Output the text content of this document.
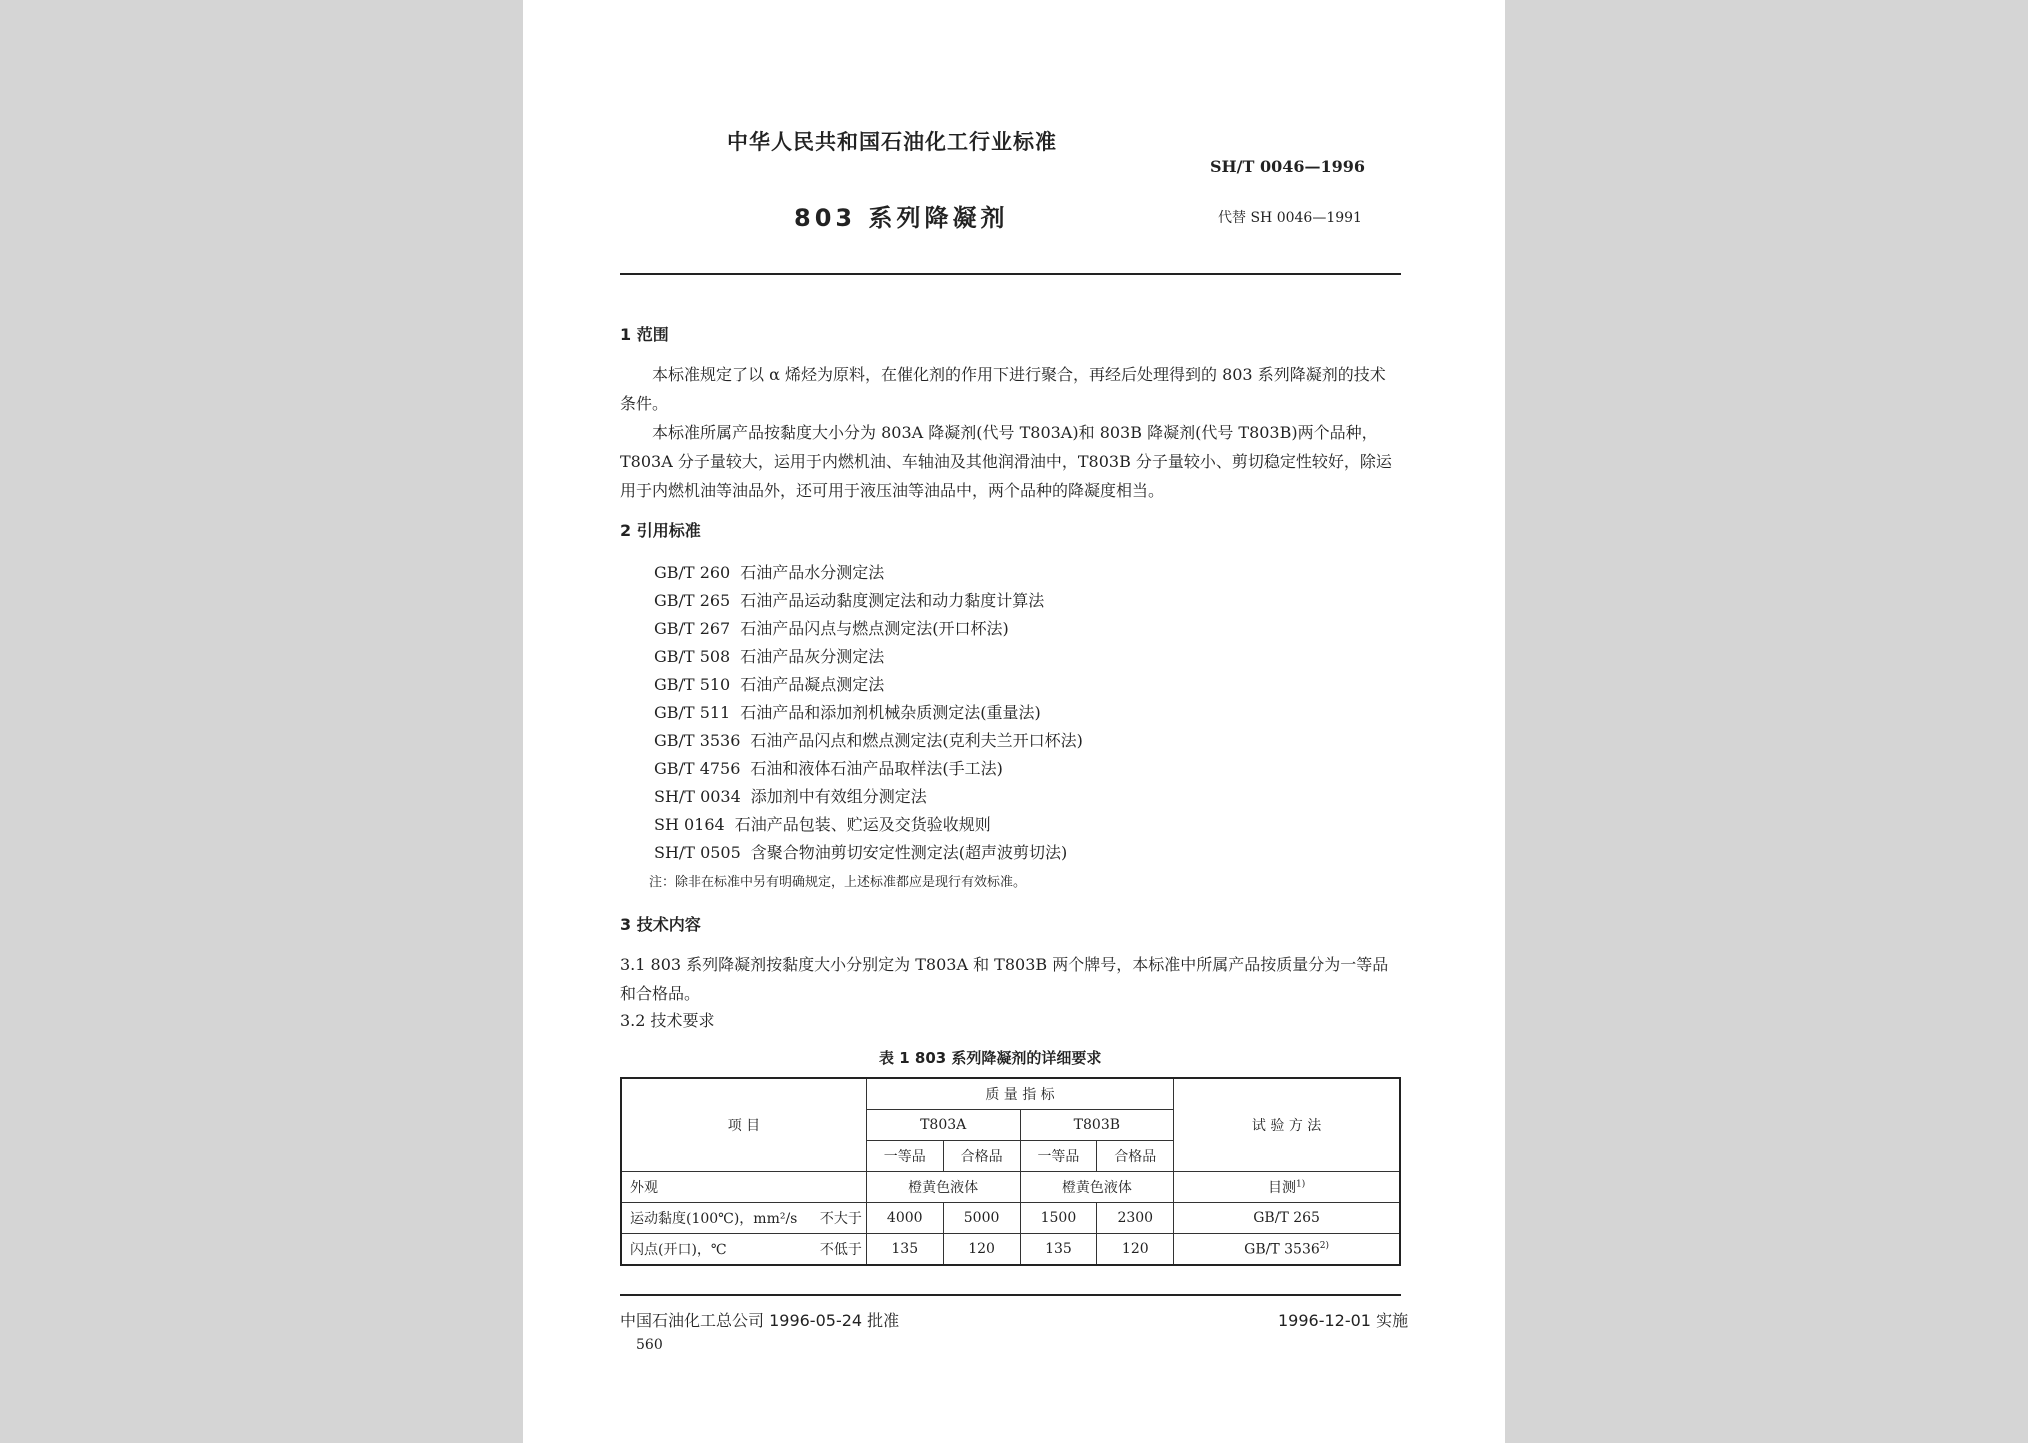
中华人民共和国石油化工行业标准
SH/T 0046—1996
803 系列降凝剂	代替 SH 0046—1991
1 范围
本标准规定了以 α 烯烃为原料，在催化剂的作用下进行聚合，再经后处理得到的 803 系列降凝剂的技术条件。
本标准所属产品按黏度大小分为 803A 降凝剂(代号 T803A)和 803B 降凝剂(代号 T803B)两个品种，T803A 分子量较大，运用于内燃机油、车轴油及其他润滑油中，T803B 分子量较小、剪切稳定性较好，除运用于内燃机油等油品外，还可用于液压油等油品中，两个品种的降凝度相当。
2 引用标准
GB/T 260 石油产品水分测定法
GB/T 265 石油产品运动黏度测定法和动力黏度计算法
GB/T 267 石油产品闪点与燃点测定法(开口杯法)
GB/T 508 石油产品灰分测定法
GB/T 510 石油产品凝点测定法
GB/T 511 石油产品和添加剂机械杂质测定法(重量法)
GB/T 3536 石油产品闪点和燃点测定法(克利夫兰开口杯法)
GB/T 4756 石油和液体石油产品取样法(手工法)
SH/T 0034 添加剂中有效组分测定法
SH 0164 石油产品包装、贮运及交货验收规则
SH/T 0505 含聚合物油剪切安定性测定法(超声波剪切法)
注：除非在标准中另有明确规定，上述标准都应是现行有效标准。
3 技术内容
3.1 803 系列降凝剂按黏度大小分别定为 T803A 和 T803B 两个牌号，本标准中所属产品按质量分为一等品和合格品。
3.2 技术要求
表 1 803 系列降凝剂的详细要求
项 目	质 量 指 标				试 验 方 法
	T803A		T803B		
	一等品	合格品	一等品	合格品	
外观	橙黄色液体		橙黄色液体		目测$^{1)}$

运动黏度(100℃)，mm²/s 不大于	4000	5000	1500	2300	GB/T 265

闪点(开口)，℃ 不低于	135	120	135	120	GB/T 3536$^{2)}$
中国石油化工总公司 1996-05-24 批准	1996-12-01 实施
560
